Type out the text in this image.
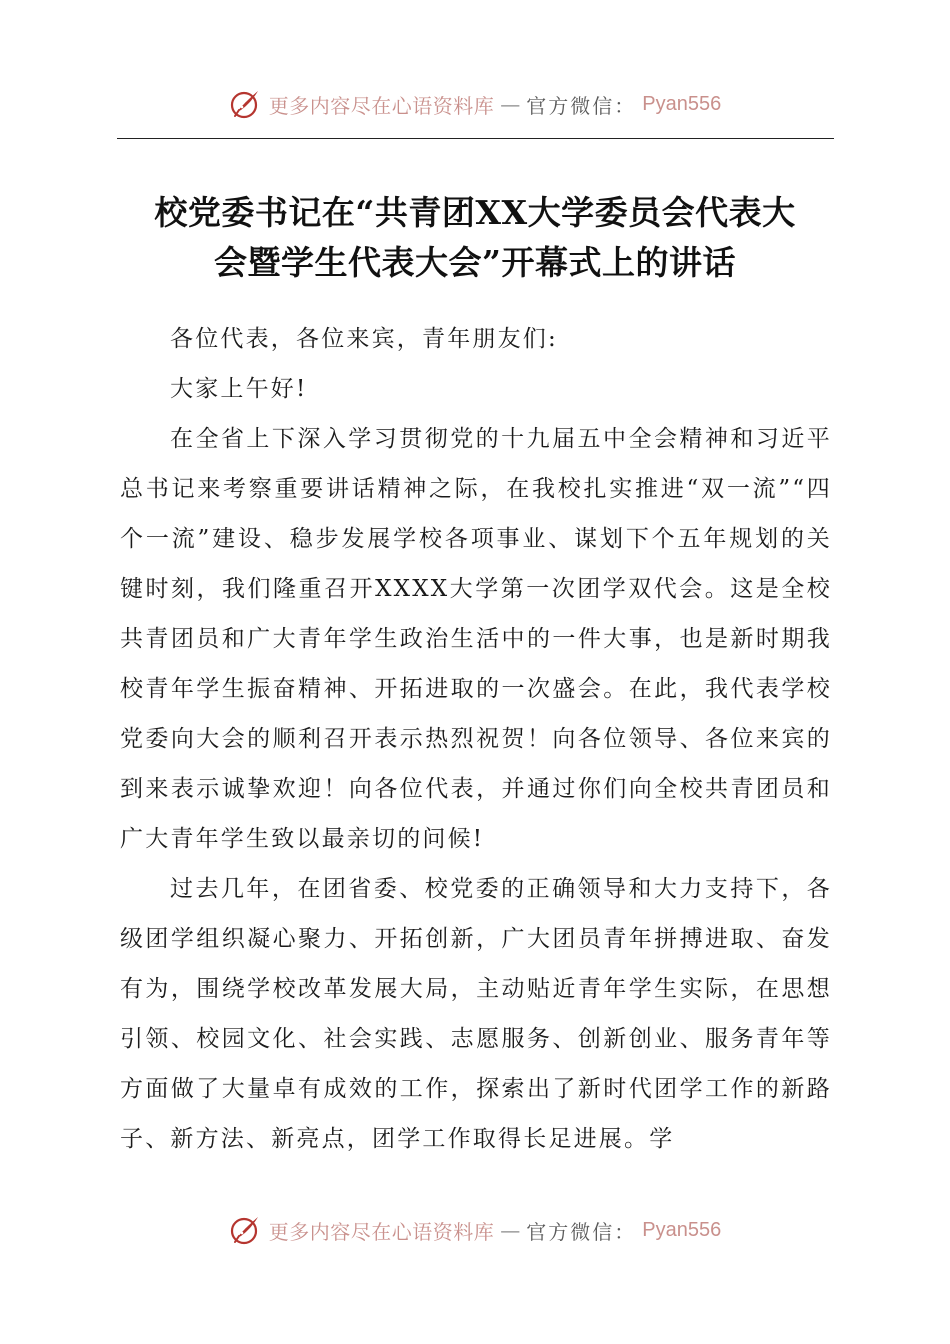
更多内容尽在心语资料库 — 官方微信： Pyan556
校党委书记在“共青团XX大学委员会代表大
会暨学生代表大会”开幕式上的讲话

各位代表，各位来宾，青年朋友们:

大家上午好!

在全省上下深入学习贯彻党的十九届五中全会精神和习近平总书记来考察重要讲话精神之际，在我校扎实推进“双一流”“四个一流”建设、稳步发展学校各项事业、谋划下个五年规划的关键时刻，我们隆重召开XXXX大学第一次团学双代会。这是全校共青团员和广大青年学生政治生活中的一件大事，也是新时期我校青年学生振奋精神、开拓进取的一次盛会。在此，我代表学校党委向大会的顺利召开表示热烈祝贺！向各位领导、各位来宾的到来表示诚挚欢迎！向各位代表，并通过你们向全校共青团员和广大青年学生致以最亲切的问候!

过去几年，在团省委、校党委的正确领导和大力支持下，各级团学组织凝心聚力、开拓创新，广大团员青年拼搏进取、奋发有为，围绕学校改革发展大局，主动贴近青年学生实际，在思想引领、校园文化、社会实践、志愿服务、创新创业、服务青年等方面做了大量卓有成效的工作，探索出了新时代团学工作的新路子、新方法、新亮点，团学工作取得长足进展。学

更多内容尽在心语资料库 — 官方微信： Pyan556
